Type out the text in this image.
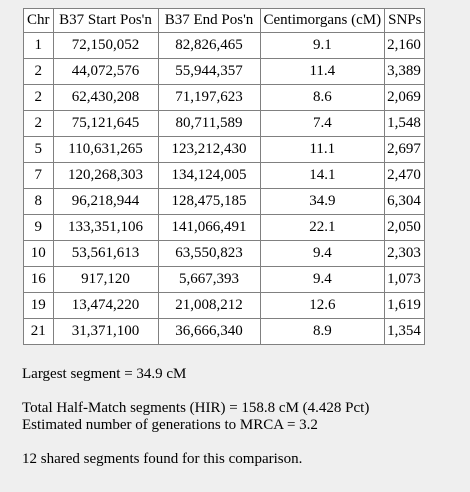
Chr	B37 Start Pos'n	B37 End Pos'n	Centimorgans (cM)	SNPs
1	72,150,052	82,826,465	9.1	2,160
2	44,072,576	55,944,357	11.4	3,389
2	62,430,208	71,197,623	8.6	2,069
2	75,121,645	80,711,589	7.4	1,548
5	110,631,265	123,212,430	11.1	2,697
7	120,268,303	134,124,005	14.1	2,470
8	96,218,944	128,475,185	34.9	6,304
9	133,351,106	141,066,491	22.1	2,050
10	53,561,613	63,550,823	9.4	2,303
16	917,120	5,667,393	9.4	1,073
19	13,474,220	21,008,212	12.6	1,619
21	31,371,100	36,666,340	8.9	1,354

Largest segment = 34.9 cM

Total Half-Match segments (HIR) = 158.8 cM (4.428 Pct)

Estimated number of generations to MRCA = 3.2

12 shared segments found for this comparison.
